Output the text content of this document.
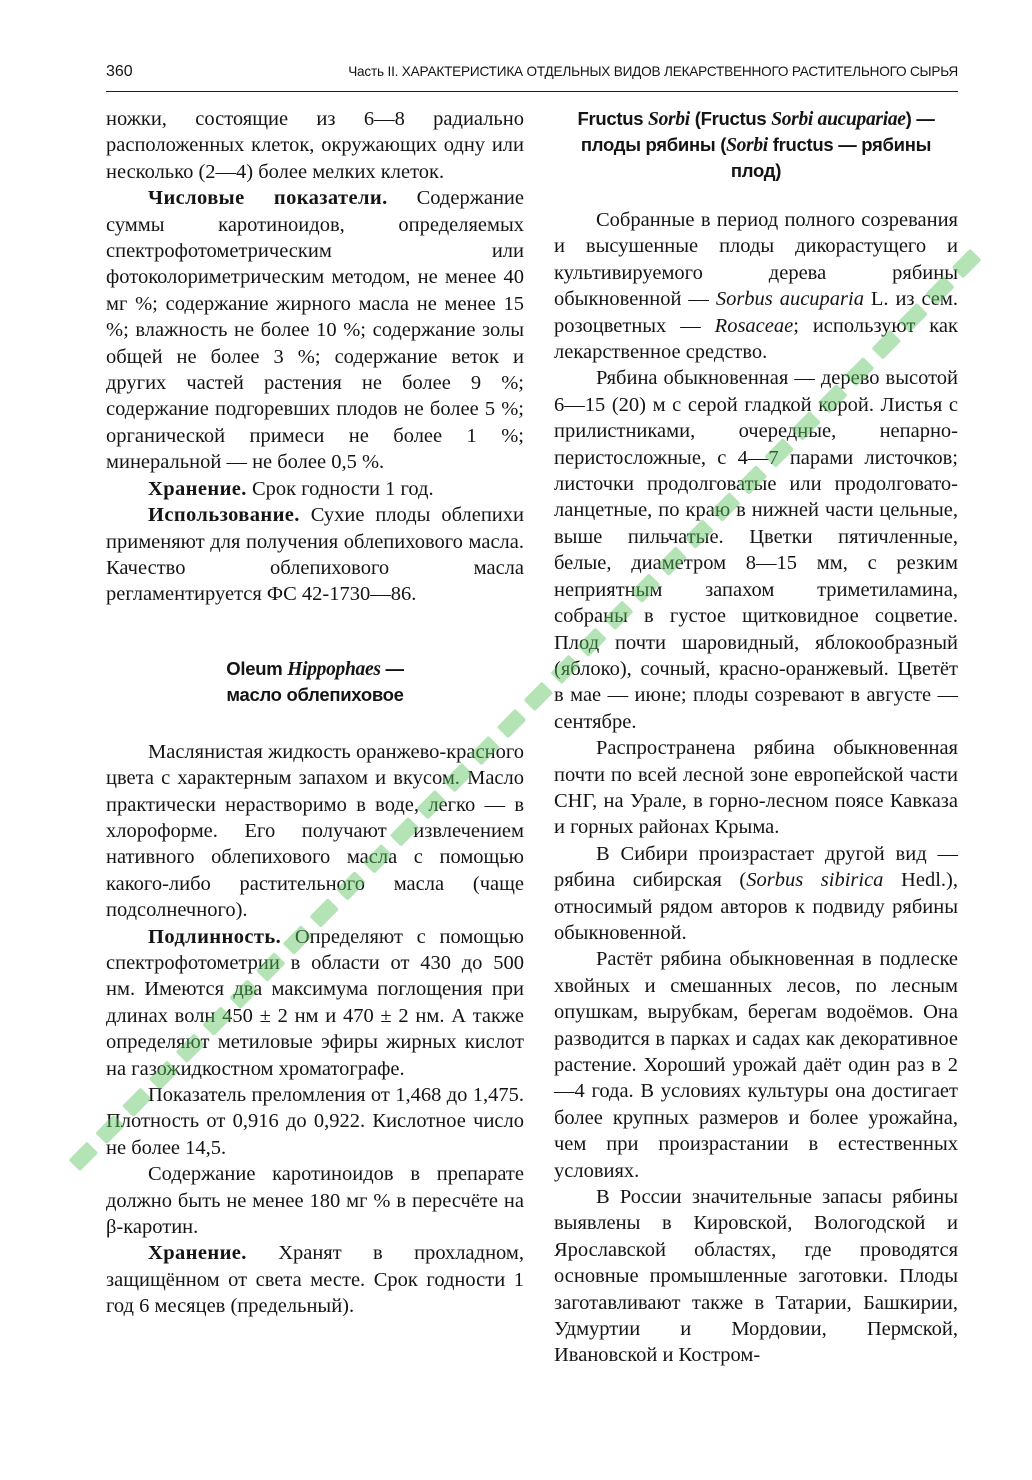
360	Часть II. ХАРАКТЕРИСТИКА ОТДЕЛЬНЫХ ВИДОВ ЛЕКАРСТВЕННОГО РАСТИТЕЛЬНОГО СЫРЬЯ

ножки, состоящие из 6—8 радиально расположенных клеток, окружающих одну или несколько (2—4) более мелких клеток.

Числовые показатели. Содержание суммы каротиноидов, определяемых спектрофотометрическим или фотоколориметрическим методом, не менее 40 мг %; содержание жирного масла не менее 15 %; влажность не более 10 %; содержание золы общей не более 3 %; содержание веток и других частей растения не более 9 %; содержание подгоревших плодов не более 5 %; органической примеси не более 1 %; минеральной — не более 0,5 %.

Хранение. Срок годности 1 год.

Использование. Сухие плоды облепихи применяют для получения облепихового масла. Качество облепихового масла регламентируется ФС 42-1730—86.

Oleum Hippophaes —
масло облепиховое

Маслянистая жидкость оранжево-красного цвета с характерным запахом и вкусом. Масло практически нерастворимо в воде, легко — в хлороформе. Его получают извлечением нативного облепихового масла с помощью какого-либо растительного масла (чаще подсолнечного).

Подлинность. Определяют с помощью спектрофотометрии в области от 430 до 500 нм. Имеются два максимума поглощения при длинах волн 450 ± 2 нм и 470 ± 2 нм. А также определяют метиловые эфиры жирных кислот на газожидкостном хроматографе.

Показатель преломления от 1,468 до 1,475. Плотность от 0,916 до 0,922. Кислотное число не более 14,5.

Содержание каротиноидов в препарате должно быть не менее 180 мг % в пересчёте на β-каротин.

Хранение. Хранят в прохладном, защищённом от света месте. Срок годности 1 год 6 месяцев (предельный).

Fructus Sorbi (Fructus Sorbi aucupariae) — плоды рябины (Sorbi fructus — рябины плод)

Собранные в период полного созревания и высушенные плоды дикорастущего и культивируемого дерева рябины обыкновенной — Sorbus aucuparia L. из сем. розоцветных — Rosaceae; используют как лекарственное средство.

Рябина обыкновенная — дерево высотой 6—15 (20) м с серой гладкой корой. Листья с прилистниками, очередные, непарно-перистосложные, с 4—7 парами листочков; листочки продолговатые или продолговато-ланцетные, по краю в нижней части цельные, выше пильчатые. Цветки пятичленные, белые, диаметром 8—15 мм, с резким неприятным запахом триметиламина, собраны в густое щитковидное соцветие. Плод почти шаровидный, яблокообразный (яблоко), сочный, красно-оранжевый. Цветёт в мае — июне; плоды созревают в августе — сентябре.

Распространена рябина обыкновенная почти по всей лесной зоне европейской части СНГ, на Урале, в горно-лесном поясе Кавказа и горных районах Крыма.

В Сибири произрастает другой вид — рябина сибирская (Sorbus sibirica Hedl.), относимый рядом авторов к подвиду рябины обыкновенной.

Растёт рябина обыкновенная в подлеске хвойных и смешанных лесов, по лесным опушкам, вырубкам, берегам водоёмов. Она разводится в парках и садах как декоративное растение. Хороший урожай даёт один раз в 2—4 года. В условиях культуры она достигает более крупных размеров и более урожайна, чем при произрастании в естественных условиях.

В России значительные запасы рябины выявлены в Кировской, Вологодской и Ярославской областях, где проводятся основные промышленные заготовки. Плоды заготавливают также в Татарии, Башкирии, Удмуртии и Мордовии, Пермской, Ивановской и Костром-
